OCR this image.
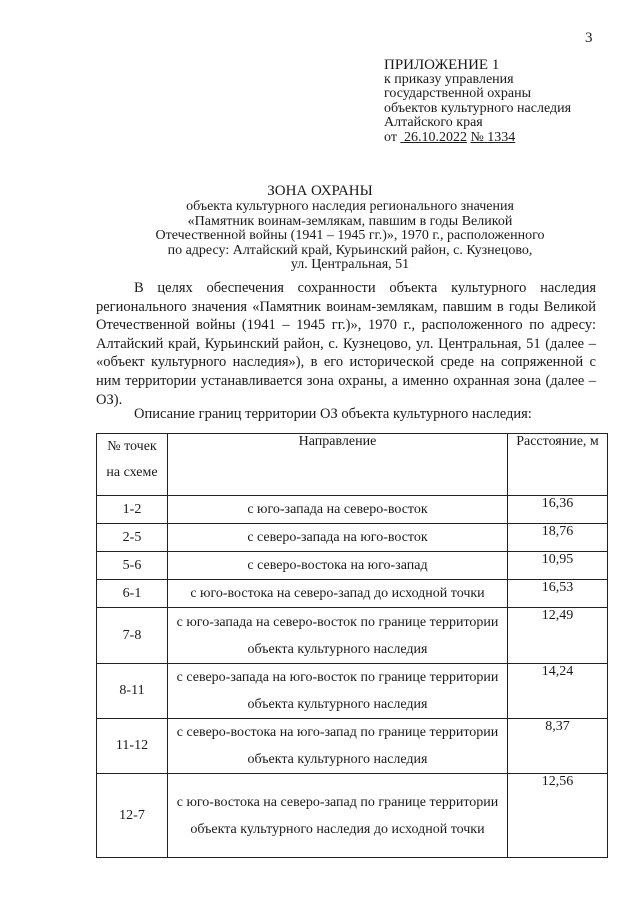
3
ПРИЛОЖЕНИЕ 1
к приказу управления
государственной охраны
объектов культурного наследия
Алтайского края
от 26.10.2022 № 1334
ЗОНА ОХРАНЫ
объекта культурного наследия регионального значения
«Памятник воинам-землякам, павшим в годы Великой
Отечественной войны (1941 – 1945 гг.)», 1970 г., расположенного
по адресу: Алтайский край, Курьинский район, с. Кузнецово,
ул. Центральная, 51

В целях обеспечения сохранности объекта культурного наследия регионального значения «Памятник воинам-землякам, павшим в годы Великой Отечественной войны (1941 – 1945 гг.)», 1970 г., расположенного по адресу: Алтайский край, Курьинский район, с. Кузнецово, ул. Центральная, 51 (далее – «объект культурного наследия»), в его исторической среде на сопряженной с ним территории устанавливается зона охраны, а именно охранная зона (далее – ОЗ).

Описание границ территории ОЗ объекта культурного наследия:

№ точек
на схеме	Направление	Расстояние, м
1-2	с юго-запада на северо-восток	16,36
2-5	с северо-запада на юго-восток	18,76
5-6	с северо-востока на юго-запад	10,95
6-1	с юго-востока на северо-запад до исходной точки	16,53
7-8	с юго-запада на северо-восток по границе территории объекта культурного наследия	12,49
8-11	с северо-запада на юго-восток по границе территории объекта культурного наследия	14,24
11-12	с северо-востока на юго-запад по границе территории объекта культурного наследия	8,37
12-7	с юго-востока на северо-запад по границе территории объекта культурного наследия до исходной точки	12,56
